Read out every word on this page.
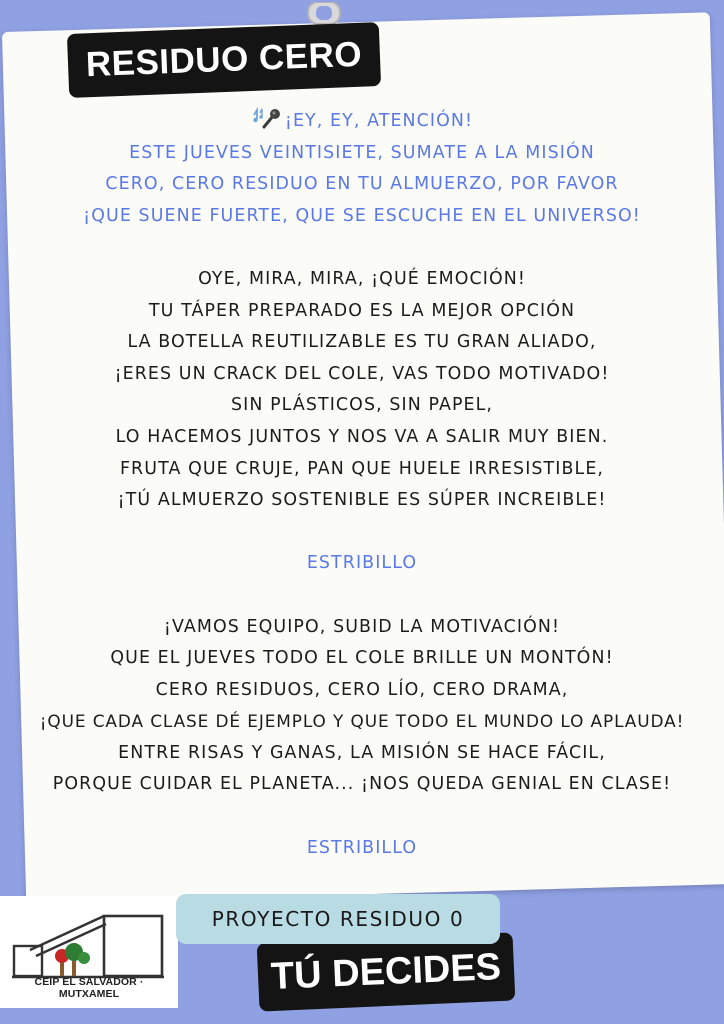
RESIDUO CERO
¡EY, EY, ATENCIÓN!
ESTE JUEVES VEINTISIETE, SUMATE A LA MISIÓN
CERO, CERO RESIDUO EN TU ALMUERZO, POR FAVOR
¡QUE SUENE FUERTE, QUE SE ESCUCHE EN EL UNIVERSO!
OYE, MIRA, MIRA, ¡QUÉ EMOCIÓN!
TU TÁPER PREPARADO ES LA MEJOR OPCIÓN
LA BOTELLA REUTILIZABLE ES TU GRAN ALIADO,
¡ERES UN CRACK DEL COLE, VAS TODO MOTIVADO!
SIN PLÁSTICOS, SIN PAPEL,
LO HACEMOS JUNTOS Y NOS VA A SALIR MUY BIEN.
FRUTA QUE CRUJE, PAN QUE HUELE IRRESISTIBLE,
¡TÚ ALMUERZO SOSTENIBLE ES SÚPER INCREIBLE!
ESTRIBILLO
¡VAMOS EQUIPO, SUBID LA MOTIVACIÓN!
QUE EL JUEVES TODO EL COLE BRILLE UN MONTÓN!
CERO RESIDUOS, CERO LÍO, CERO DRAMA,
¡QUE CADA CLASE DÉ EJEMPLO Y QUE TODO EL MUNDO LO APLAUDA!
ENTRE RISAS Y GANAS, LA MISIÓN SE HACE FÁCIL,
PORQUE CUIDAR EL PLANETA... ¡NOS QUEDA GENIAL EN CLASE!
ESTRIBILLO
CEIP EL SALVADOR · MUTXAMEL	TÚ DECIDES
PROYECTO RESIDUO 0
